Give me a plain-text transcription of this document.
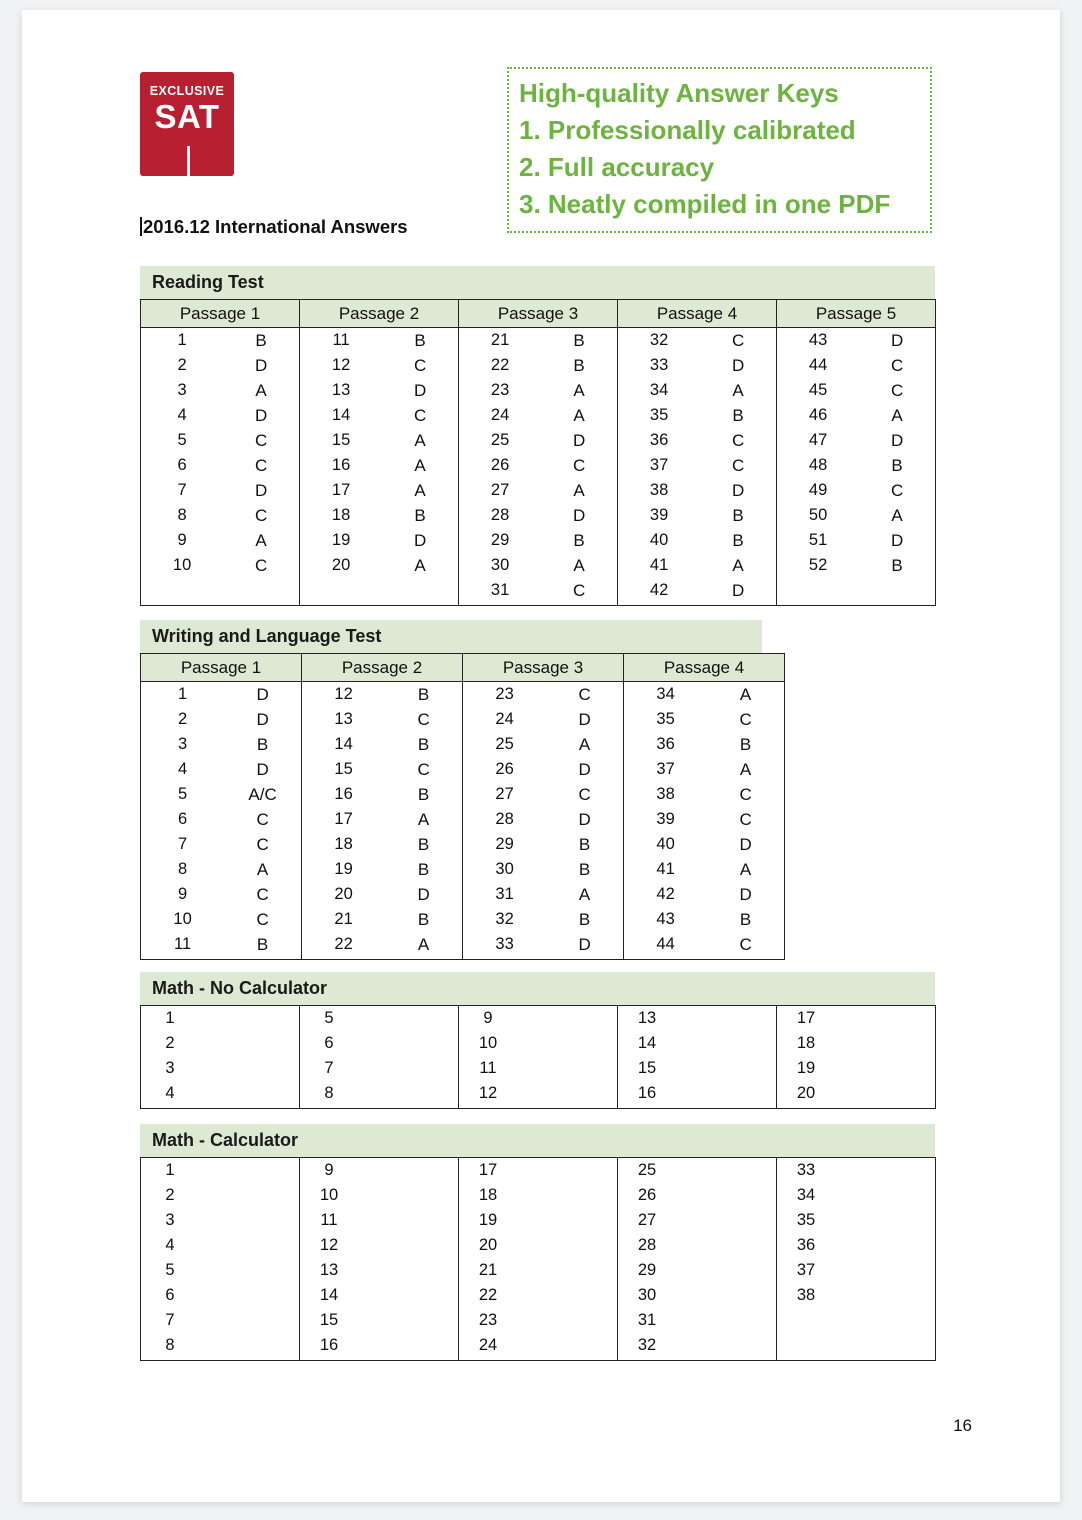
EXCLUSIVE
SAT
High-quality Answer Keys
1. Professionally calibrated
2. Full accuracy
3. Neatly compiled in one PDF
2016.12 International Answers
Reading Test
Passage 1	Passage 2	Passage 3	Passage 4	Passage 5

1 B	11 B	21 B	32 C	43 D

2 D	12 C	22 B	33 D	44 C

3 A	13 D	23 A	34 A	45 C

4 D	14 C	24 A	35 B	46 A

5 C	15 A	25 D	36 C	47 D

6 C	16 A	26 C	37 C	48 B

7 D	17 A	27 A	38 D	49 C

8 C	18 B	28 D	39 B	50 A

9 A	19 D	29 B	40 B	51 D

10 C	20 A	30 A	41 A	52 B

		31 C	42 D	

Writing and Language Test
Passage 1	Passage 2	Passage 3	Passage 4

1 D	12 B	23 C	34 A

2 D	13 C	24 D	35 C

3 B	14 B	25 A	36 B

4 D	15 C	26 D	37 A

5 A/C	16 B	27 C	38 C

6 C	17 A	28 D	39 C

7 C	18 B	29 B	40 D

8 A	19 B	30 B	41 A

9 C	20 D	31 A	42 D

10 C	21 B	32 B	43 B

11 B	22 A	33 D	44 C
Math - No Calculator
1	5	9	13	17

2	6	10	14	18

3	7	11	15	19

4	8	12	16	20
Math - Calculator
1	9	17	25	33

2	10	18	26	34

3	11	19	27	35

4	12	20	28	36

5	13	21	29	37

6	14	22	30	38

7	15	23	31	

8	16	24	32	

16
